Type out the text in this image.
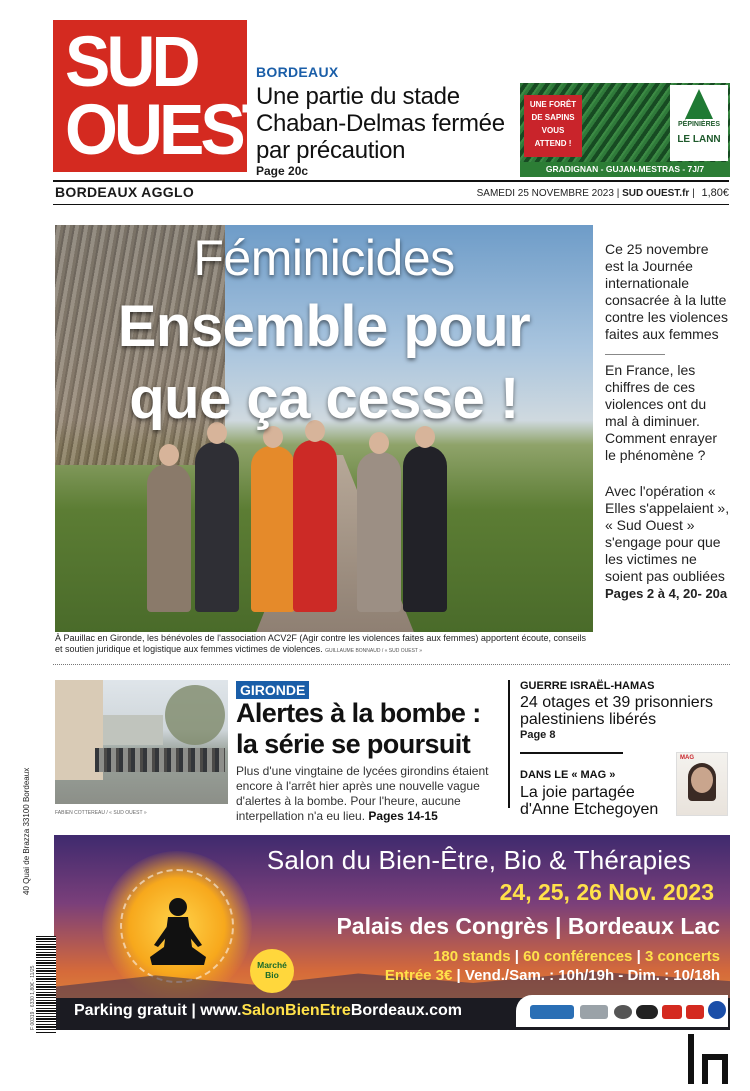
SUD
OUEST
BORDEAUX
Une partie du stade Chaban-Delmas fermée par précaution
Page 20c
UNE FORÊT
DE SAPINS
VOUS
ATTEND !
PÉPINIÈRES
LE LANN
GRADIGNAN - GUJAN-MESTRAS - 7J/7
BORDEAUX AGGLO	SAMEDI 25 NOVEMBRE 2023 | SUD OUEST.fr | 1,80€
Féminicides
Ensemble pour
que ça cesse !
À Pauillac en Gironde, les bénévoles de l'association ACV2F (Agir contre les violences faites aux femmes) apportent écoute, conseils et soutien juridique et logistique aux femmes victimes de violences. GUILLAUME BONNAUD / « SUD OUEST »
Ce 25 novembre est la Journée internationale consacrée à la lutte contre les violences faites aux femmes
En France, les chiffres de ces violences ont du mal à diminuer. Comment enrayer le phénomène ?
Avec l'opération « Elles s'appelaient », « Sud Ouest » s'engage pour que les victimes ne soient pas oubliées
Pages 2 à 4, 20- 20a
FABIEN COTTEREAU / « SUD OUEST »
GIRONDE
Alertes à la bombe : la série se poursuit
Plus d'une vingtaine de lycées girondins étaient encore à l'arrêt hier après une nouvelle vague d'alertes à la bombe. Pour l'heure, aucune interpellation n'a eu lieu. Pages 14-15
GUERRE ISRAËL-HAMAS
24 otages et 39 prisonniers palestiniens libérés
Page 8
DANS LE « MAG »
La joie partagée d'Anne Etchegoyen
MAG
Salon du Bien-Être, Bio & Thérapies
24, 25, 26 Nov. 2023
Palais des Congrès | Bordeaux Lac
180 stands | 60 conférences | 3 concerts
Entrée 3€ | Vend./Sam. : 10h/19h - Dim. : 10/18h
Marché
Bio
Parking gratuit | www.SalonBienEtreBordeaux.com
40 Quai de Brazza 33100 Bordeaux
F 00319 - 6330 1,80€ - 11/25
